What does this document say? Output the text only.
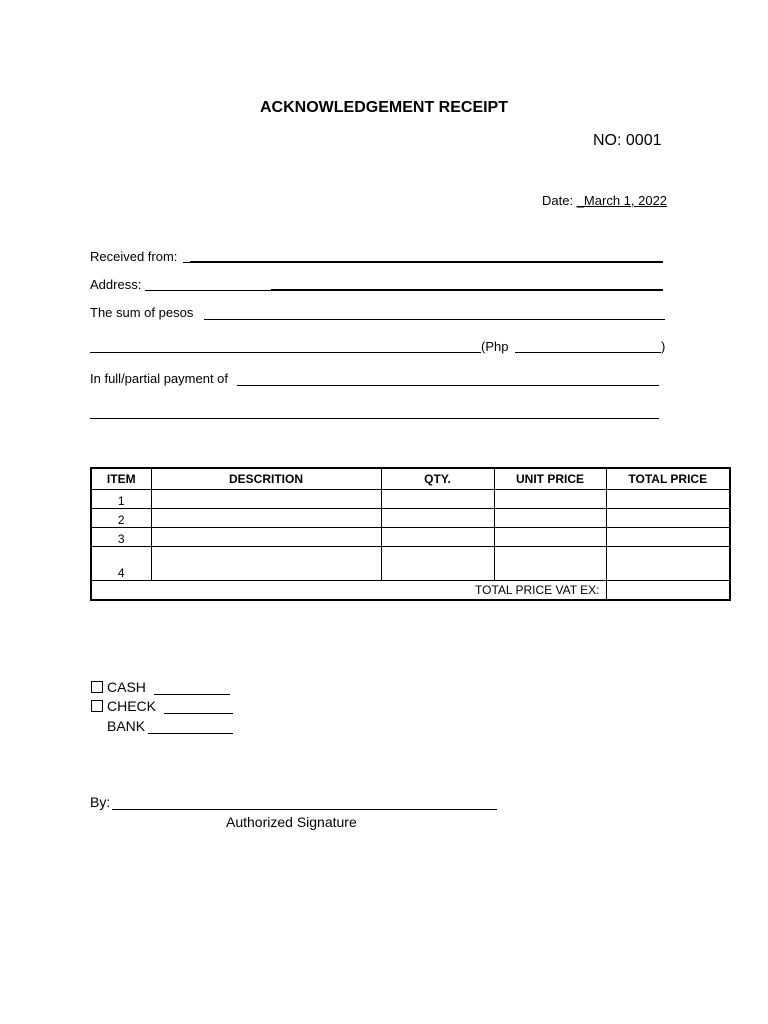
ACKNOWLEDGEMENT RECEIPT
NO: 0001
Date: _March 1, 2022
Received from:
Address:
The sum of pesos
(Php	)
In full/partial payment of
ITEM	DESCRITION	QTY.	UNIT PRICE	TOTAL PRICE
1				
2				
3				
4				
TOTAL PRICE VAT EX:				
CASH
CHECK
BANK
By:
Authorized Signature
